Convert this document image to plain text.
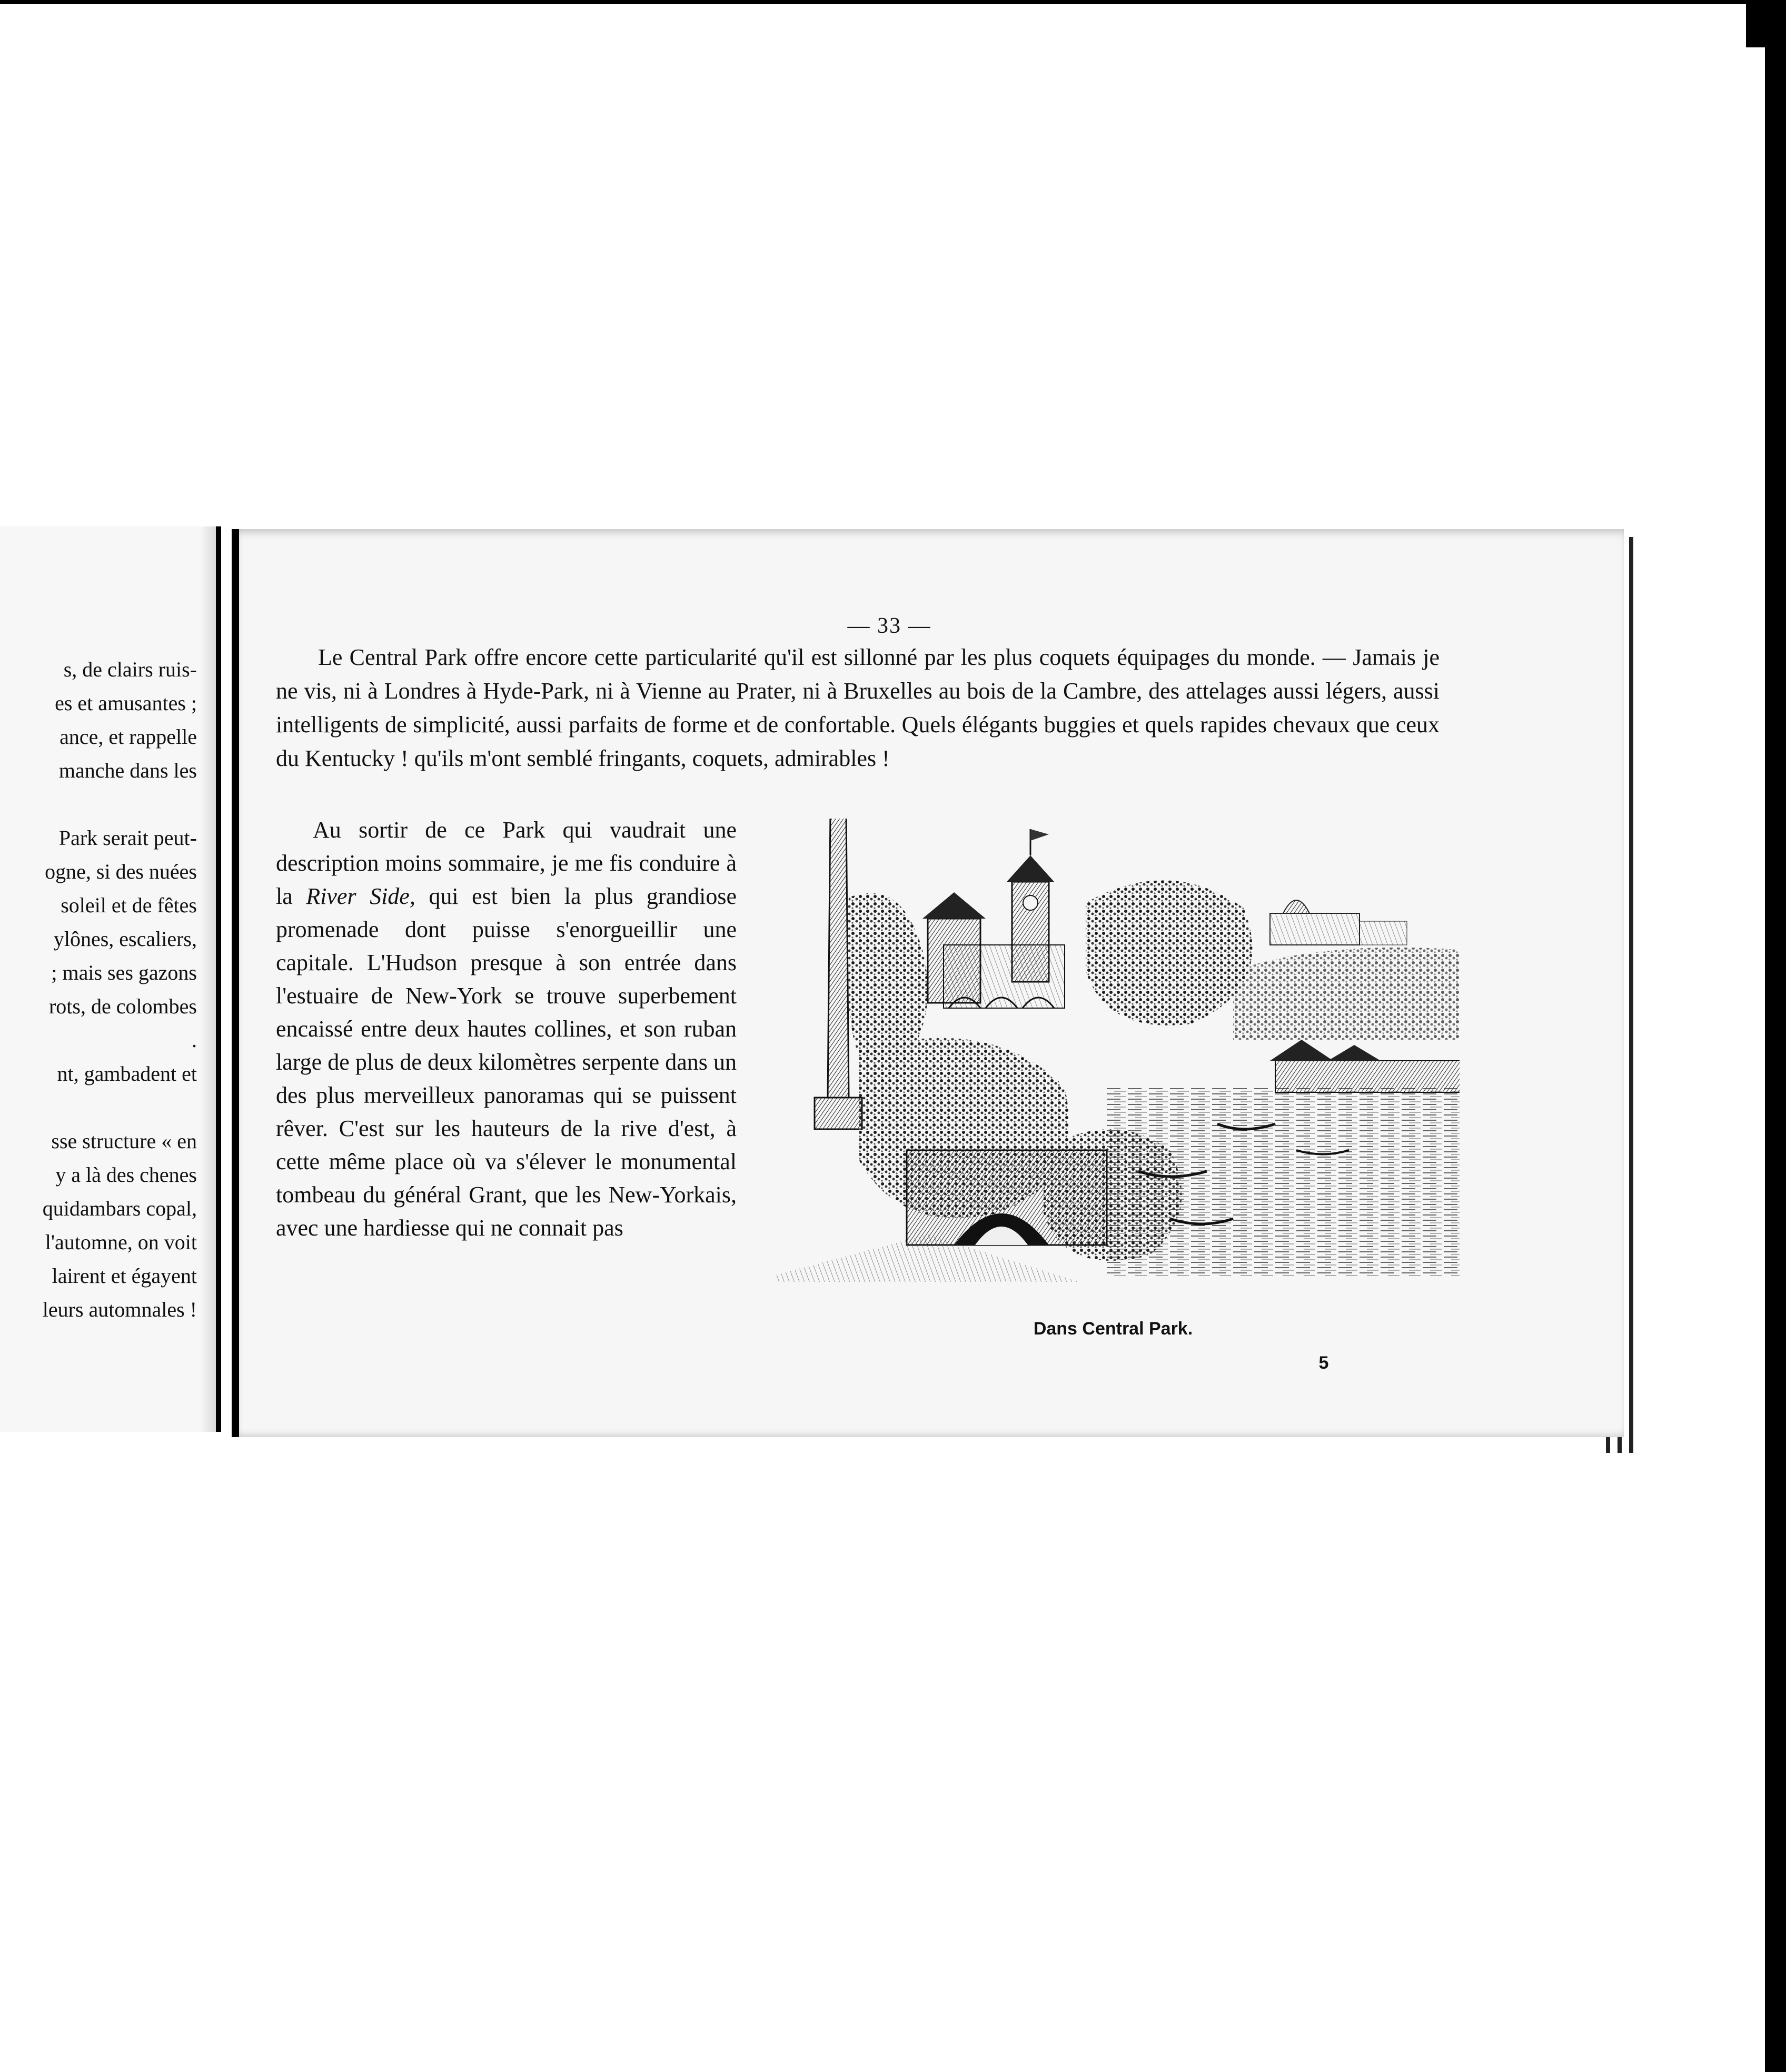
s, de clairs ruis-
es et amusantes ;
ance, et rappelle
manche dans les
Park serait peut-
ogne, si des nuées
soleil et de fêtes
ylônes, escaliers,
; mais ses gazons
rots, de colombes
.
nt, gambadent et
sse structure « en
y a là des chenes
quidambars copal,
l'automne, on voit
lairent et égayent
leurs automnales !
— 33 —

Le Central Park offre encore cette particularité qu'il est sillonné par les plus coquets équipages du monde. — Jamais je ne vis, ni à Londres à Hyde-Park, ni à Vienne au Prater, ni à Bruxelles au bois de la Cambre, des attelages aussi légers, aussi intelligents de simplicité, aussi parfaits de forme et de confortable. Quels élégants buggies et quels rapides chevaux que ceux du Kentucky ! qu'ils m'ont semblé fringants, coquets, admirables !

Au sortir de ce Park qui vaudrait une description moins sommaire, je me fis conduire à la River Side, qui est bien la plus grandiose promenade dont puisse s'enorgueillir une capitale. L'Hudson presque à son entrée dans l'estuaire de New-York se trouve superbement encaissé entre deux hautes collines, et son ruban large de plus de deux kilomètres serpente dans un des plus merveilleux panoramas qui se puissent rêver. C'est sur les hauteurs de la rive d'est, à cette même place où va s'élever le monumental tombeau du général Grant, que les New-Yorkais, avec une hardiesse qui ne connait pas

Dans Central Park.
5
